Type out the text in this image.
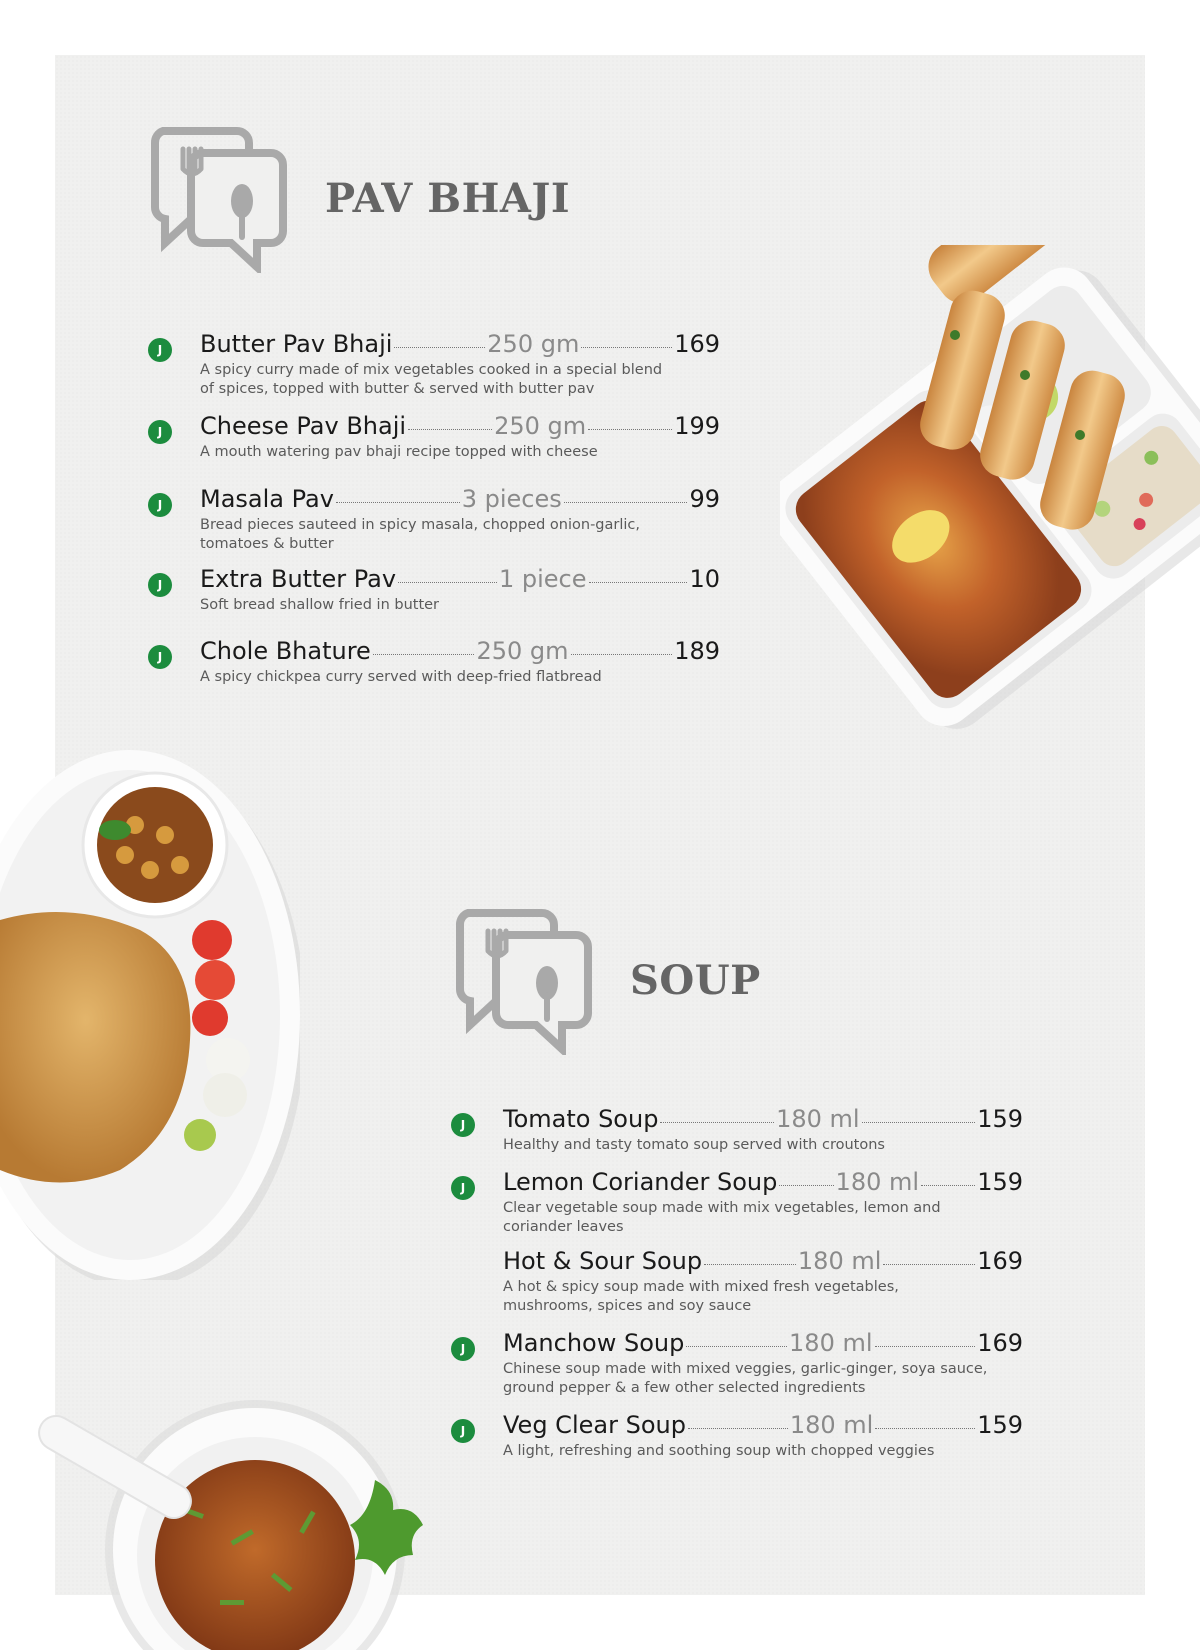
PAV BHAJI
J	Butter Pav Bhaji	250 gm	169
A spicy curry made of mix vegetables cooked in a special blend
of spices, topped with butter & served with butter pav
J	Cheese Pav Bhaji	250 gm	199
A mouth watering pav bhaji recipe topped with cheese
J	Masala Pav	3 pieces	99
Bread pieces sauteed in spicy masala, chopped onion-garlic,
tomatoes & butter
J	Extra Butter Pav	1 piece	10
Soft bread shallow fried in butter
J	Chole Bhature	250 gm	189
A spicy chickpea curry served with deep-fried flatbread
SOUP
J	Tomato Soup	180 ml	159
Healthy and tasty tomato soup served with croutons
J	Lemon Coriander Soup 180 ml 159
Clear vegetable soup made with mix vegetables, lemon and
coriander leaves
Hot & Sour Soup	180 ml	169
A hot & spicy soup made with mixed fresh vegetables,
mushrooms, spices and soy sauce
J	Manchow Soup	180 ml	169
Chinese soup made with mixed veggies, garlic-ginger, soya sauce,
ground pepper & a few other selected ingredients
J	Veg Clear Soup	180 ml	159
A light, refreshing and soothing soup with chopped veggies
